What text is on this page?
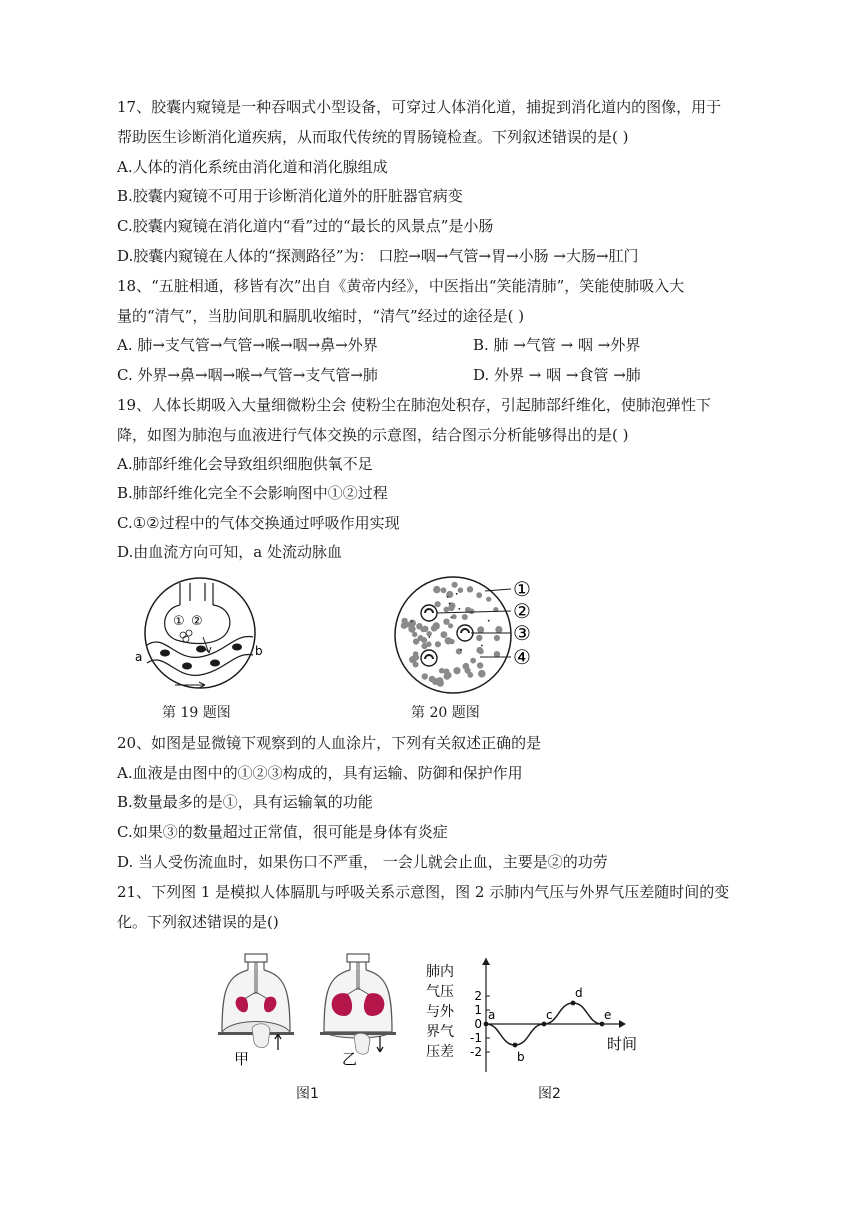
17、胶囊内窥镜是一种吞咽式小型设备，可穿过人体消化道，捕捉到消化道内的图像，用于
帮助医生诊断消化道疾病，从而取代传统的胃肠镜检查。下列叙述错误的是( )
A.人体的消化系统由消化道和消化腺组成
B.胶囊内窥镜不可用于诊断消化道外的肝脏器官病变
C.胶囊内窥镜在消化道内“看”过的“最长的风景点”是小肠
D.胶囊内窥镜在人体的“探测路径”为： 口腔→咽→气管→胃→小肠 →大肠→肛门
18、“五脏相通，移皆有次”出自《黄帝内经》，中医指出“笑能清肺”，笑能使肺吸入大
量的“清气”，当肋间肌和膈肌收缩时，“清气”经过的途径是( )
A. 肺→支气管→气管→喉→咽→鼻→外界	B. 肺 →气管 → 咽 →外界
C. 外界→鼻→咽→喉→气管→支气管→肺	D. 外界 → 咽 →食管 →肺
19、人体长期吸入大量细微粉尘会 使粉尘在肺泡处积存，引起肺部纤维化，使肺泡弹性下
降，如图为肺泡与血液进行气体交换的示意图，结合图示分析能够得出的是( )
A.肺部纤维化会导致组织细胞供氧不足
B.肺部纤维化完全不会影响图中①②过程
C.①②过程中的气体交换通过呼吸作用实现
D.由血流方向可知，a 处流动脉血
① ②
a	b
第 19 题图
①
②
③
④
第 20 题图
20、如图是显微镜下观察到的人血涂片，下列有关叙述正确的是
A.血液是由图中的①②③构成的，具有运输、防御和保护作用
B.数量最多的是①，具有运输氧的功能
C.如果③的数量超过正常值，很可能是身体有炎症
D. 当人受伤流血时，如果伤口不严重， 一会儿就会止血，主要是②的功劳
21、下列图 1 是模拟人体膈肌与呼吸关系示意图，图 2 示肺内气压与外界气压差随时间的变
化。下列叙述错误的是()
甲	乙
图1
肺内
气压
与外
界气
压差	时间
2
1
0
-1
-2
a
b
c
d
e
图2
